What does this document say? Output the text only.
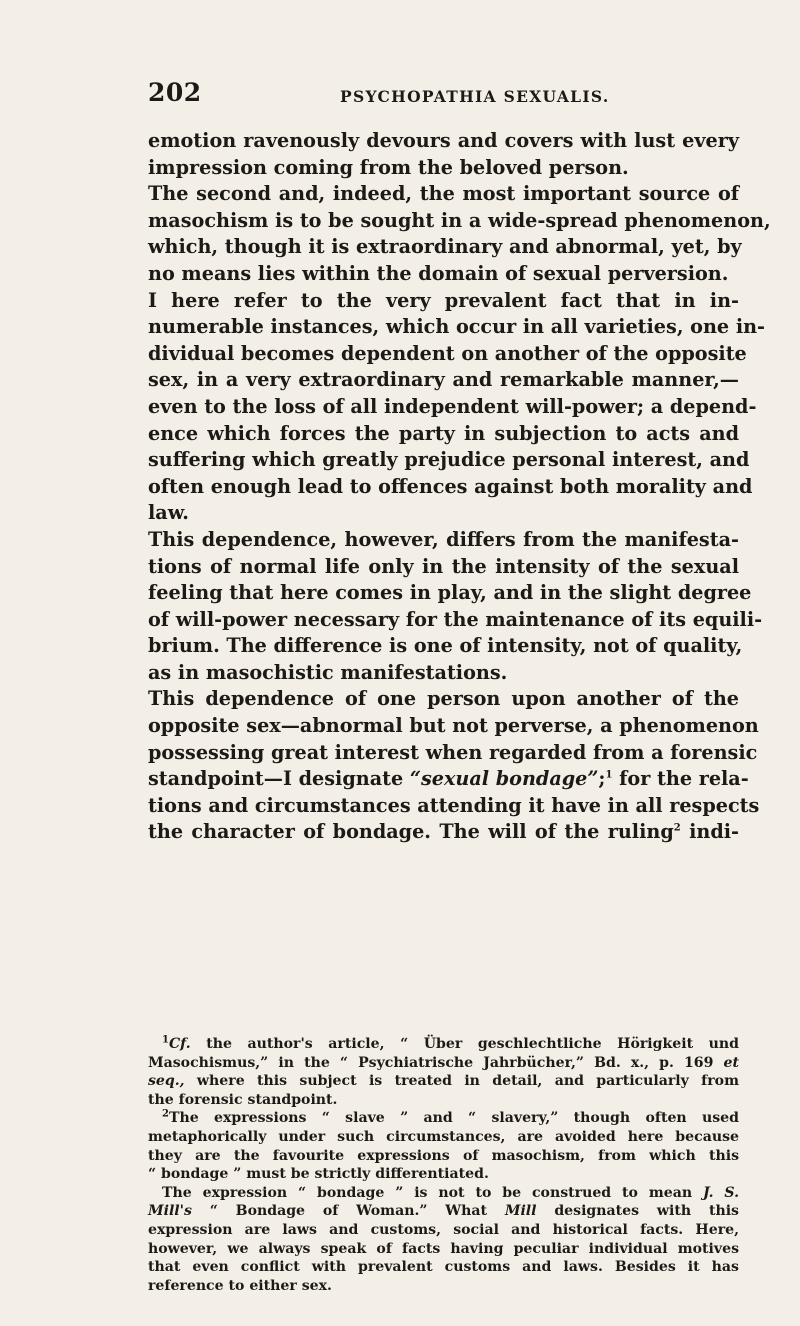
202	PSYCHOPATHIA SEXUALIS.
emotion ravenously devours and covers with lust every
impression coming from the beloved person.
The second and, indeed, the most important source of
masochism is to be sought in a wide-spread phenomenon,
which, though it is extraordinary and abnormal, yet, by
no means lies within the domain of sexual perversion.
I here refer to the very prevalent fact that in in-
numerable instances, which occur in all varieties, one in-
dividual becomes dependent on another of the opposite
sex, in a very extraordinary and remarkable manner,—
even to the loss of all independent will-power; a depend-
ence which forces the party in subjection to acts and
suffering which greatly prejudice personal interest, and
often enough lead to offences against both morality and
law.
This dependence, however, differs from the manifesta-
tions of normal life only in the intensity of the sexual
feeling that here comes in play, and in the slight degree
of will-power necessary for the maintenance of its equili-
brium. The difference is one of intensity, not of quality,
as in masochistic manifestations.
This dependence of one person upon another of the
opposite sex—abnormal but not perverse, a phenomenon
possessing great interest when regarded from a forensic
standpoint—I designate “sexual bondage”;$^1$ for the rela-
tions and circumstances attending it have in all respects
the character of bondage. The will of the ruling$^2$ indi-
$^1$Cf. the author's article, “ Über geschlechtliche Hörigkeit und
Masochismus,” in the “ Psychiatrische Jahrbücher,” Bd. x., p. 169 et
seq., where this subject is treated in detail, and particularly from
the forensic standpoint.
$^2$The expressions “ slave ” and “ slavery,” though often used
metaphorically under such circumstances, are avoided here because
they are the favourite expressions of masochism, from which this
“ bondage ” must be strictly differentiated.
The expression “ bondage ” is not to be construed to mean J. S.
Mill's “ Bondage of Woman.” What Mill designates with this
expression are laws and customs, social and historical facts. Here,
however, we always speak of facts having peculiar individual motives
that even conflict with prevalent customs and laws. Besides it has
reference to either sex.
